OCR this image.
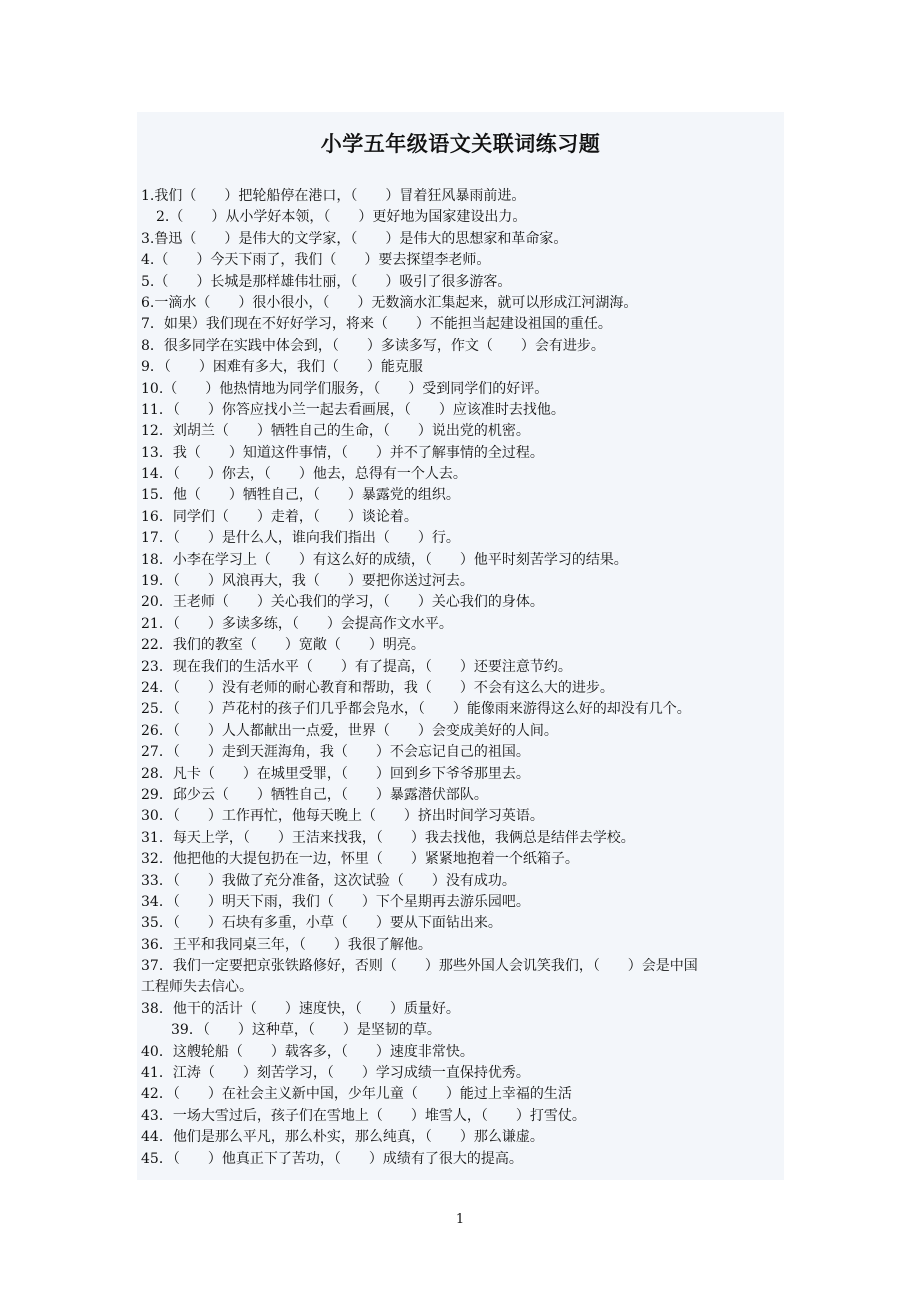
小学五年级语文关联词练习题
1.我们（　　）把轮船停在港口，（　　）冒着狂风暴雨前进。
2.（　　）从小学好本领，（　　）更好地为国家建设出力。
3.鲁迅（　　）是伟大的文学家，（　　）是伟大的思想家和革命家。
4.（　　）今天下雨了，我们（　　）要去探望李老师。
5.（　　）长城是那样雄伟壮丽，（　　）吸引了很多游客。
6.一滴水（　　）很小很小，（　　）无数滴水汇集起来，就可以形成江河湖海。
7．如果）我们现在不好好学习，将来（　　）不能担当起建设祖国的重任。
8．很多同学在实践中体会到，（　　）多读多写，作文（　　）会有进步。
9．（　　）困难有多大，我们（　　）能克服
10.（　　）他热情地为同学们服务，（　　）受到同学们的好评。
11．（　　）你答应找小兰一起去看画展，（　　）应该准时去找他。
12．刘胡兰（　　）牺牲自己的生命，（　　）说出党的机密。
13．我（　　）知道这件事情，（　　）并不了解事情的全过程。
14．（　　）你去，（　　）他去，总得有一个人去。
15．他（　　）牺牲自己，（　　）暴露党的组织。
16．同学们（　　）走着，（　　）谈论着。
17．（　　）是什么人，谁向我们指出（　　）行。
18．小李在学习上（　　）有这么好的成绩，（　　）他平时刻苦学习的结果。
19．（　　）风浪再大，我（　　）要把你送过河去。
20．王老师（　　）关心我们的学习，（　　）关心我们的身体。
21．（　　）多读多练，（　　）会提高作文水平。
22．我们的教室（　　）宽敞（　　）明亮。
23．现在我们的生活水平（　　）有了提高，（　　）还要注意节约。
24．（　　）没有老师的耐心教育和帮助，我（　　）不会有这么大的进步。
25．（　　）芦花村的孩子们几乎都会凫水，（　　）能像雨来游得这么好的却没有几个。
26．（　　）人人都献出一点爱，世界（　　）会变成美好的人间。
27．（　　）走到天涯海角，我（　　）不会忘记自己的祖国。
28．凡卡（　　）在城里受罪，（　　）回到乡下爷爷那里去。
29．邱少云（　　）牺牲自己，（　　）暴露潜伏部队。
30．（　　）工作再忙，他每天晚上（　　）挤出时间学习英语。
31．每天上学，（　　）王洁来找我，（　　）我去找他，我俩总是结伴去学校。
32．他把他的大提包扔在一边，怀里（　　）紧紧地抱着一个纸箱子。
33．（　　）我做了充分准备，这次试验（　　）没有成功。
34．（　　）明天下雨，我们（　　）下个星期再去游乐园吧。
35．（　　）石块有多重，小草（　　）要从下面钻出来。
36．王平和我同桌三年，（　　）我很了解他。
37．我们一定要把京张铁路修好，否则（　　）那些外国人会讥笑我们，（　　）会是中国
工程师失去信心。
38．他干的活计（　　）速度快，（　　）质量好。
39．（　　）这种草，（　　）是坚韧的草。
40．这艘轮船（　　）载客多，（　　）速度非常快。
41．江涛（　　）刻苦学习，（　　）学习成绩一直保持优秀。
42．（　　）在社会主义新中国，少年儿童（　　）能过上幸福的生活
43．一场大雪过后，孩子们在雪地上（　　）堆雪人，（　　）打雪仗。
44．他们是那么平凡，那么朴实，那么纯真，（　　）那么谦虚。
45．（　　）他真正下了苦功，（　　）成绩有了很大的提高。
1
